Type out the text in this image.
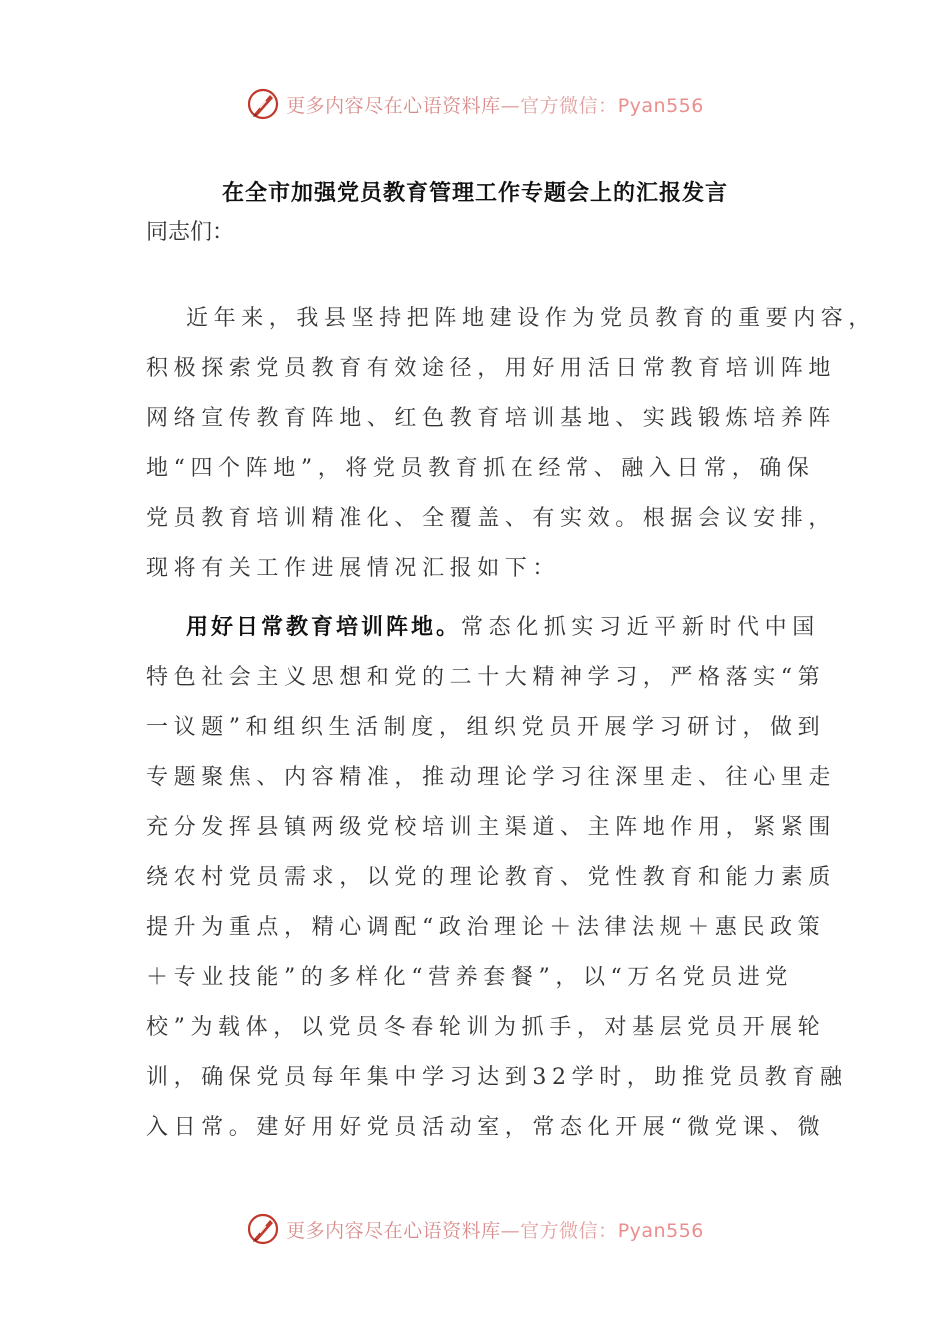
更多内容尽在心语资料库—官方微信：Pyan556
在全市加强党员教育管理工作专题会上的汇报发言
同志们：
近年来，我县坚持把阵地建设作为党员教育的重要内容，
积极探索党员教育有效途径，用好用活日常教育培训阵地
网络宣传教育阵地、红色教育培训基地、实践锻炼培养阵
地“四个阵地”，将党员教育抓在经常、融入日常，确保
党员教育培训精准化、全覆盖、有实效。根据会议安排，
现将有关工作进展情况汇报如下：
用好日常教育培训阵地。常态化抓实习近平新时代中国
特色社会主义思想和党的二十大精神学习，严格落实“第
一议题”和组织生活制度，组织党员开展学习研讨，做到
专题聚焦、内容精准，推动理论学习往深里走、往心里走
充分发挥县镇两级党校培训主渠道、主阵地作用，紧紧围
绕农村党员需求，以党的理论教育、党性教育和能力素质
提升为重点，精心调配“政治理论＋法律法规＋惠民政策
＋专业技能”的多样化“营养套餐”，以“万名党员进党
校”为载体，以党员冬春轮训为抓手，对基层党员开展轮
训，确保党员每年集中学习达到32学时，助推党员教育融
入日常。建好用好党员活动室，常态化开展“微党课、微
更多内容尽在心语资料库—官方微信：Pyan556
